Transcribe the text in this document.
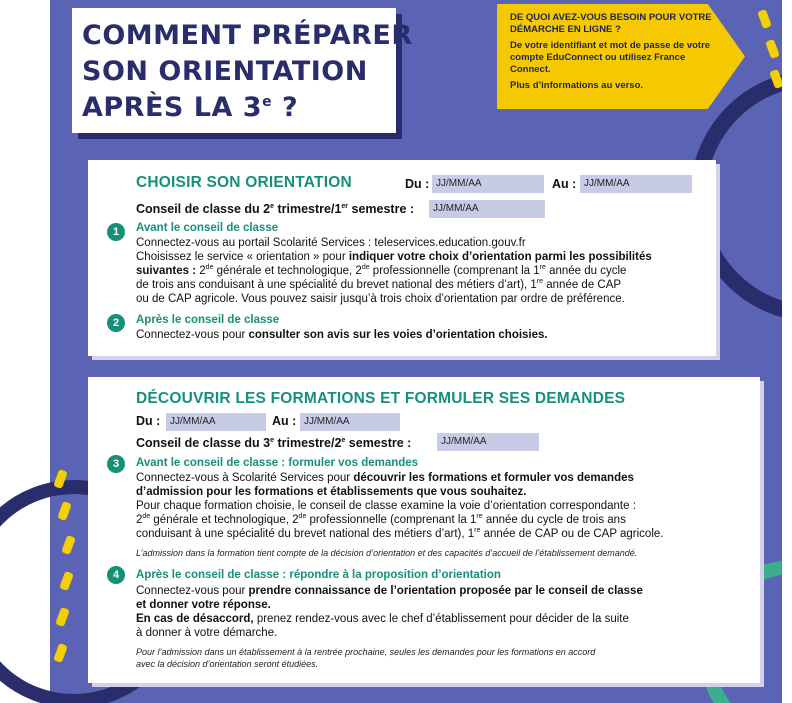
COMMENT PRÉPARER
SON ORIENTATION
APRÈS LA 3e ?

DE QUOI AVEZ-VOUS BESOIN POUR VOTRE DÉMARCHE EN LIGNE ?

De votre identifiant et mot de passe de votre compte EduConnect ou utilisez France Connect.

Plus d’informations au verso.

CHOISIR SON ORIENTATION	Du : JJ/MM/AA	Au : JJ/MM/AA
Conseil de classe du 2e trimestre/1er semestre :	JJ/MM/AA
1	Avant le conseil de classe
Connectez-vous au portail Scolarité Services : teleservices.education.gouv.fr
Choisissez le service « orientation » pour indiquer votre choix d’orientation parmi les possibilités
suivantes : 2de générale et technologique, 2de professionnelle (comprenant la 1re année du cycle
de trois ans conduisant à une spécialité du brevet national des métiers d’art), 1re année de CAP
ou de CAP agricole. Vous pouvez saisir jusqu’à trois choix d’orientation par ordre de préférence.
2	Après le conseil de classe
Connectez-vous pour consulter son avis sur les voies d’orientation choisies.
DÉCOUVRIR LES FORMATIONS ET FORMULER SES DEMANDES
Du : JJ/MM/AA	Au : JJ/MM/AA
Conseil de classe du 3e trimestre/2e semestre :	JJ/MM/AA
3	Avant le conseil de classe : formuler vos demandes
Connectez-vous à Scolarité Services pour découvrir les formations et formuler vos demandes
d’admission pour les formations et établissements que vous souhaitez.
Pour chaque formation choisie, le conseil de classe examine la voie d’orientation correspondante :
2de générale et technologique, 2de professionnelle (comprenant la 1re année du cycle de trois ans
conduisant à une spécialité du brevet national des métiers d’art), 1re année de CAP ou de CAP agricole.
L’admission dans la formation tient compte de la décision d’orientation et des capacités d’accueil de l’établissement demandé.
4	Après le conseil de classe : répondre à la proposition d’orientation
Connectez-vous pour prendre connaissance de l’orientation proposée par le conseil de classe
et donner votre réponse.
En cas de désaccord, prenez rendez-vous avec le chef d’établissement pour décider de la suite
à donner à votre démarche.
Pour l’admission dans un établissement à la rentrée prochaine, seules les demandes pour les formations en accord
avec la décision d’orientation seront étudiées.
